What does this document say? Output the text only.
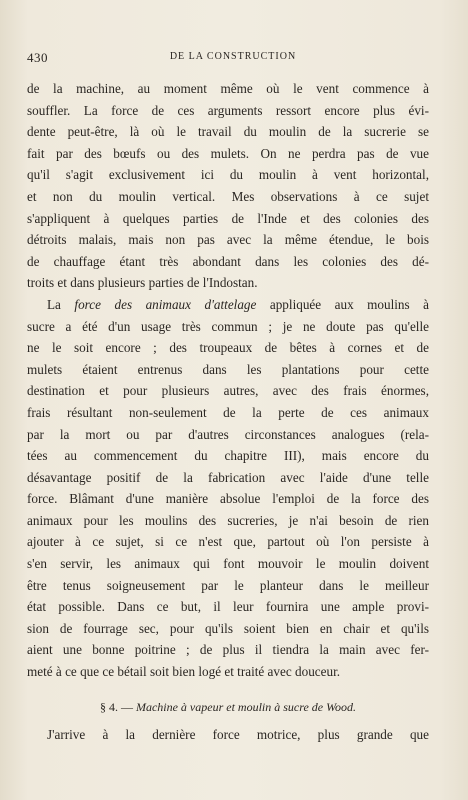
430	DE LA CONSTRUCTION
de la machine, au moment même où le vent commence à
souffler. La force de ces arguments ressort encore plus évi-
dente peut-être, là où le travail du moulin de la sucrerie se
fait par des bœufs ou des mulets. On ne perdra pas de vue
qu'il s'agit exclusivement ici du moulin à vent horizontal,
et non du moulin vertical. Mes observations à ce sujet
s'appliquent à quelques parties de l'Inde et des colonies des
détroits malais, mais non pas avec la même étendue, le bois
de chauffage étant très abondant dans les colonies des dé-
troits et dans plusieurs parties de l'Indostan.
La force des animaux d'attelage appliquée aux moulins à
sucre a été d'un usage très commun ; je ne doute pas qu'elle
ne le soit encore ; des troupeaux de bêtes à cornes et de
mulets étaient entrenus dans les plantations pour cette
destination et pour plusieurs autres, avec des frais énormes,
frais résultant non-seulement de la perte de ces animaux
par la mort ou par d'autres circonstances analogues (rela-
tées au commencement du chapitre III), mais encore du
désavantage positif de la fabrication avec l'aide d'une telle
force. Blâmant d'une manière absolue l'emploi de la force des
animaux pour les moulins des sucreries, je n'ai besoin de rien
ajouter à ce sujet, si ce n'est que, partout où l'on persiste à
s'en servir, les animaux qui font mouvoir le moulin doivent
être tenus soigneusement par le planteur dans le meilleur
état possible. Dans ce but, il leur fournira une ample provi-
sion de fourrage sec, pour qu'ils soient bien en chair et qu'ils
aient une bonne poitrine ; de plus il tiendra la main avec fer-
meté à ce que ce bétail soit bien logé et traité avec douceur.
§ 4. — Machine à vapeur et moulin à sucre de Wood.
J'arrive à la dernière force motrice, plus grande que
